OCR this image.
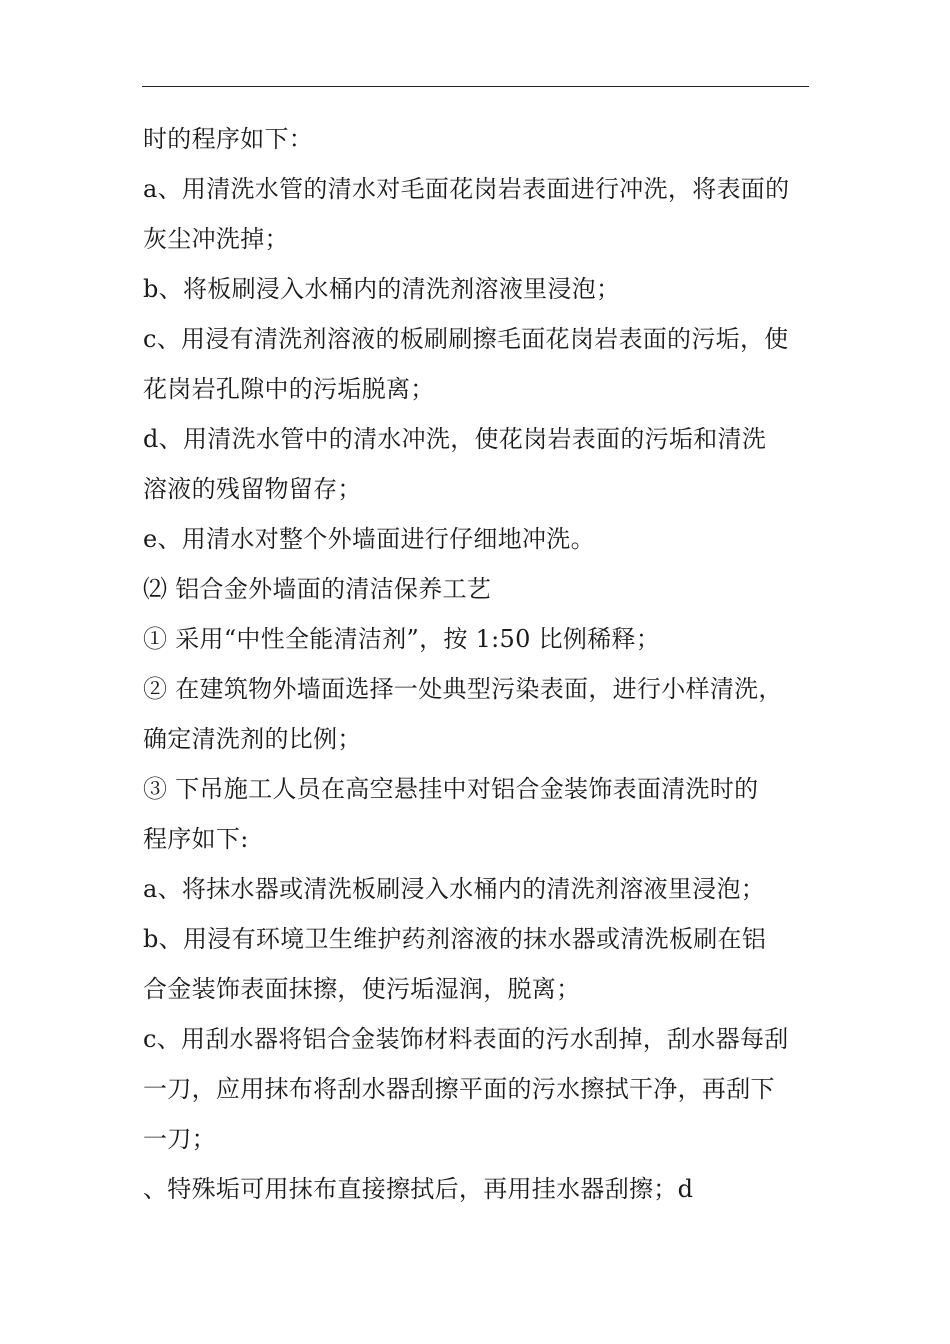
时的程序如下：
a、用清洗水管的清水对毛面花岗岩表面进行冲洗，将表面的
灰尘冲洗掉；
b、将板刷浸入水桶内的清洗剂溶液里浸泡；
c、用浸有清洗剂溶液的板刷刷擦毛面花岗岩表面的污垢，使
花岗岩孔隙中的污垢脱离；
d、用清洗水管中的清水冲洗，使花岗岩表面的污垢和清洗
溶液的残留物留存；
e、用清水对整个外墙面进行仔细地冲洗。
⑵ 铝合金外墙面的清洁保养工艺
① 采用“中性全能清洁剂”，按 1:50 比例稀释；
② 在建筑物外墙面选择一处典型污染表面，进行小样清洗，
确定清洗剂的比例；
③ 下吊施工人员在高空悬挂中对铝合金装饰表面清洗时的
程序如下:
a、将抹水器或清洗板刷浸入水桶内的清洗剂溶液里浸泡；
b、用浸有环境卫生维护药剂溶液的抹水器或清洗板刷在铝
合金装饰表面抹擦，使污垢湿润，脱离；
c、用刮水器将铝合金装饰材料表面的污水刮掉，刮水器每刮
一刀，应用抹布将刮水器刮擦平面的污水擦拭干净，再刮下
一刀；
、特殊垢可用抹布直接擦拭后，再用挂水器刮擦；d
